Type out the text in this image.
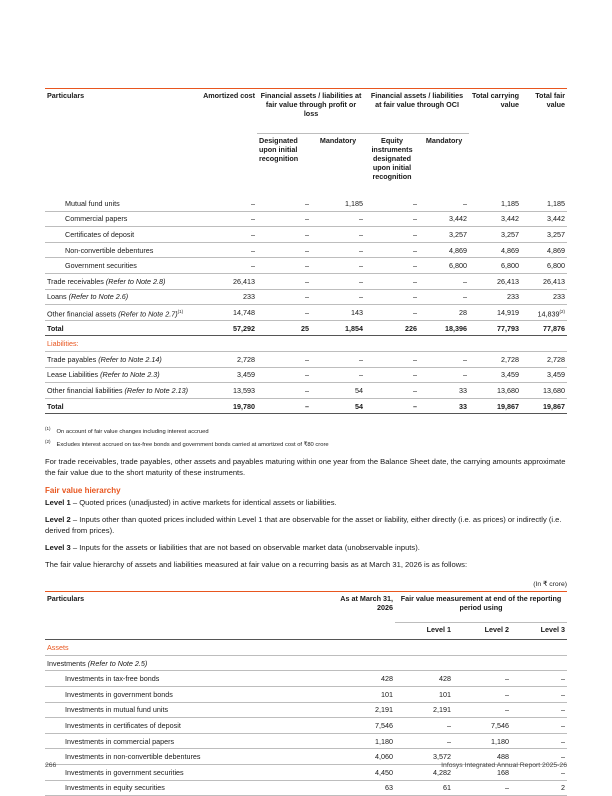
Particulars	Amortized cost	Financial assets / liabilities at fair value through profit or loss		Financial assets / liabilities at fair value through OCI		Total carrying value	Total fair value
		Designated upon initial recognition	Mandatory	Equity instruments designated upon initial recognition	Mandatory		
Mutual fund units	–	–	1,185	–	–	1,185	1,185
Commercial papers	–	–	–	–	3,442	3,442	3,442
Certificates of deposit	–	–	–	–	3,257	3,257	3,257
Non-convertible debentures	–	–	–	–	4,869	4,869	4,869
Government securities	–	–	–	–	6,800	6,800	6,800
Trade receivables (Refer to Note 2.8)	26,413	–	–	–	–	26,413	26,413
Loans (Refer to Note 2.6)	233	–	–	–	–	233	233
Other financial assets (Refer to Note 2.7)$^{(1)}$	14,748	–	143	–	28	14,919	14,839$^{(2)}$
Total	57,292	25	1,854	226	18,396	77,793	77,876
Liabilities:							
Trade payables (Refer to Note 2.14)	2,728	–	–	–	–	2,728	2,728
Lease Liabilities (Refer to Note 2.3)	3,459	–	–	–	–	3,459	3,459
Other financial liabilities (Refer to Note 2.13)	13,593	–	54	–	33	13,680	13,680
Total	19,780	–	54	–	33	19,867	19,867
$^{(1)}$On account of fair value changes including interest accrued
$^{(2)}$Excludes interest accrued on tax-free bonds and government bonds carried at amortized cost of ₹80 crore

For trade receivables, trade payables, other assets and payables maturing within one year from the Balance Sheet date, the carrying amounts approximate the fair value due to the short maturity of these instruments.

Fair value hierarchy

Level 1 – Quoted prices (unadjusted) in active markets for identical assets or liabilities.

Level 2 – Inputs other than quoted prices included within Level 1 that are observable for the asset or liability, either directly (i.e. as prices) or indirectly (i.e. derived from prices).

Level 3 – Inputs for the assets or liabilities that are not based on observable market data (unobservable inputs).

The fair value hierarchy of assets and liabilities measured at fair value on a recurring basis as at March 31, 2026 is as follows:

(In ₹ crore)
Particulars	As at March 31, 2026	Fair value measurement at end of the reporting period using		
		Level 1	Level 2	Level 3
Assets				
Investments (Refer to Note 2.5)				
Investments in tax-free bonds	428	428	–	–
Investments in government bonds	101	101	–	–
Investments in mutual fund units	2,191	2,191	–	–
Investments in certificates of deposit	7,546	–	7,546	–
Investments in commercial papers	1,180	–	1,180	–
Investments in non-convertible debentures	4,060	3,572	488	–
Investments in government securities	4,450	4,282	168	–
Investments in equity securities	63	61	–	2
266	Infosys Integrated Annual Report 2025-26
